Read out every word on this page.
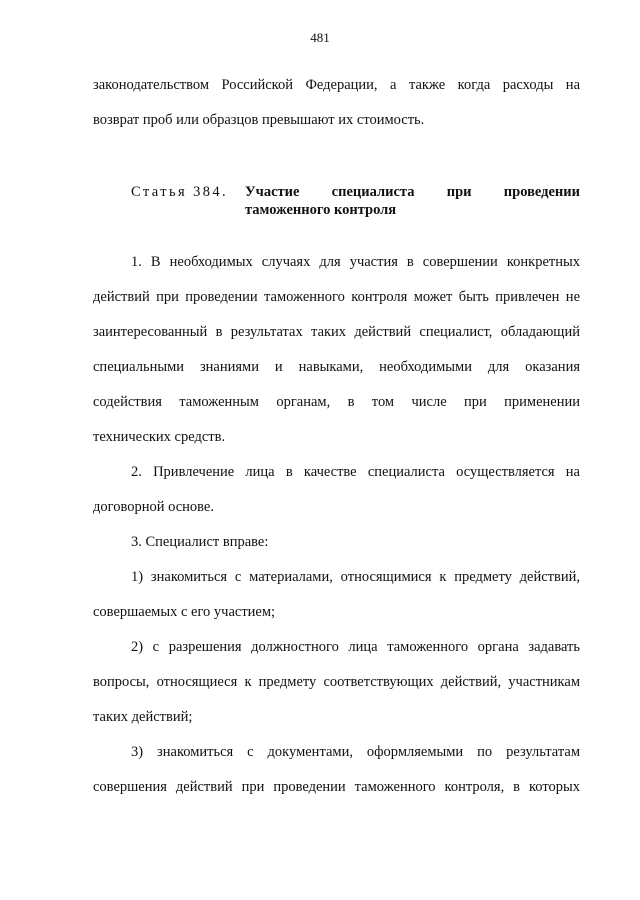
481
законодательством Российской Федерации, а также когда расходы на
возврат проб или образцов превышают их стоимость.
Статья 384. Участие специалиста при проведении
таможенного контроля
1. В необходимых случаях для участия в совершении конкретных
действий при проведении таможенного контроля может быть привлечен не
заинтересованный в результатах таких действий специалист, обладающий
специальными знаниями и навыками, необходимыми для оказания
содействия таможенным органам, в том числе при применении
технических средств.
2. Привлечение лица в качестве специалиста осуществляется на
договорной основе.
3. Специалист вправе:
1) знакомиться с материалами, относящимися к предмету действий,
совершаемых с его участием;
2) с разрешения должностного лица таможенного органа задавать
вопросы, относящиеся к предмету соответствующих действий, участникам
таких действий;
3) знакомиться с документами, оформляемыми по результатам
совершения действий при проведении таможенного контроля, в которых
